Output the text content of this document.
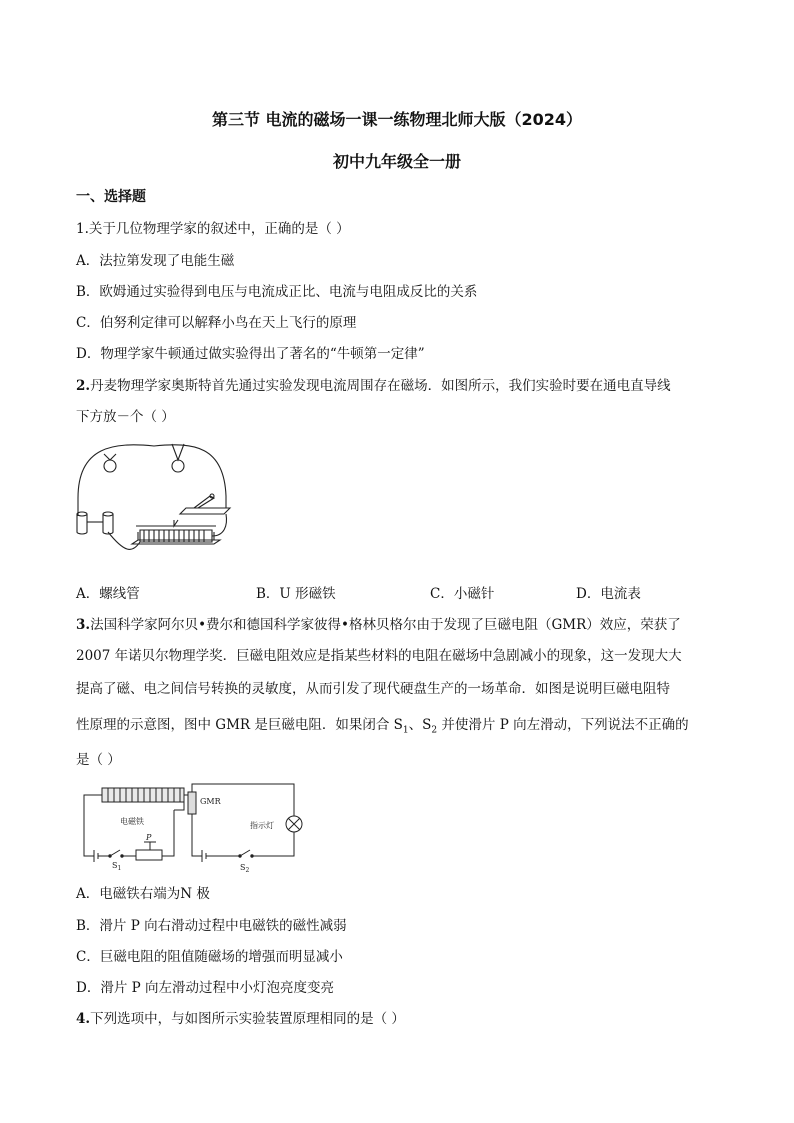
第三节 电流的磁场一课一练物理北师大版（2024）
初中九年级全一册
一、选择题
1.关于几位物理学家的叙述中，正确的是（ ）
A．法拉第发现了电能生磁
B．欧姆通过实验得到电压与电流成正比、电流与电阻成反比的关系
C．伯努利定律可以解释小鸟在天上飞行的原理
D．物理学家牛顿通过做实验得出了著名的“牛顿第一定律”
2.丹麦物理学家奥斯特首先通过实验发现电流周围存在磁场．如图所示，我们实验时要在通电直导线
下方放－个（ ）
A．螺线管	B．U 形磁铁	C．小磁针	D．电流表
3.法国科学家阿尔贝•费尔和德国科学家彼得•格林贝格尔由于发现了巨磁电阻（GMR）效应，荣获了
2007 年诺贝尔物理学奖．巨磁电阻效应是指某些材料的电阻在磁场中急剧减小的现象，这一发现大大
提高了磁、电之间信号转换的灵敏度，从而引发了现代硬盘生产的一场革命．如图是说明巨磁电阻特
性原理的示意图，图中 GMR 是巨磁电阻．如果闭合 $S_1$、$S_2$ 并使滑片 P 向左滑动，下列说法不正确的
是（ ）
GMR
电磁铁	指示灯
P
$S_1$	$S_2$
A．电磁铁右端为N 极
B．滑片 P 向右滑动过程中电磁铁的磁性减弱
C．巨磁电阻的阻值随磁场的增强而明显减小
D．滑片 P 向左滑动过程中小灯泡亮度变亮
4.下列选项中，与如图所示实验装置原理相同的是（ ）
